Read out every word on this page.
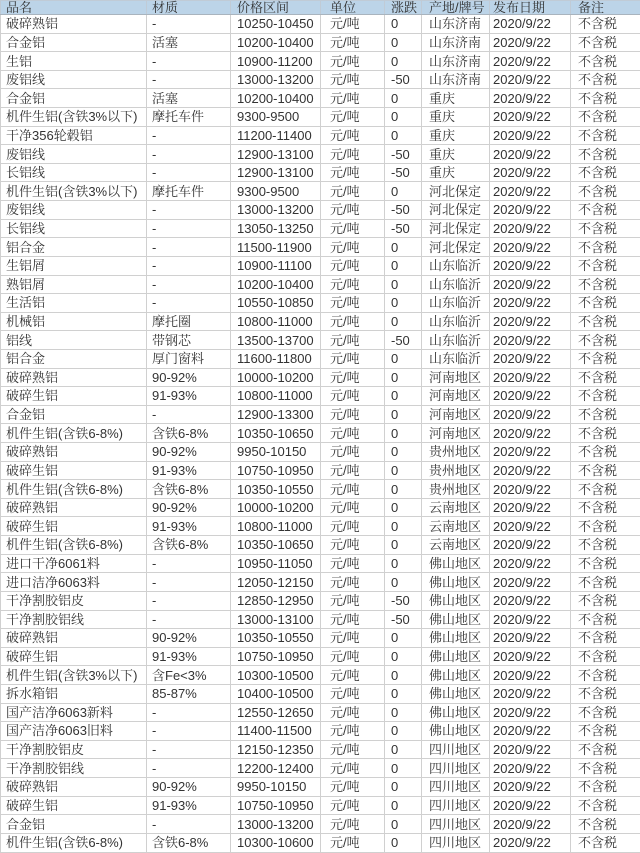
品名	材质	价格区间	单位	涨跌	产地/牌号	发布日期	备注
破碎熟铝	-	10250-10450	元/吨	0	山东济南	2020/9/22	不含税
合金铝	活塞	10200-10400	元/吨	0	山东济南	2020/9/22	不含税
生铝	-	10900-11200	元/吨	0	山东济南	2020/9/22	不含税
废铝线	-	13000-13200	元/吨	-50	山东济南	2020/9/22	不含税
合金铝	活塞	10200-10400	元/吨	0	重庆	2020/9/22	不含税
机件生铝(含铁3%以下)	摩托车件	9300-9500	元/吨	0	重庆	2020/9/22	不含税
干净356轮毂铝	-	11200-11400	元/吨	0	重庆	2020/9/22	不含税
废铝线	-	12900-13100	元/吨	-50	重庆	2020/9/22	不含税
长铝线	-	12900-13100	元/吨	-50	重庆	2020/9/22	不含税
机件生铝(含铁3%以下)	摩托车件	9300-9500	元/吨	0	河北保定	2020/9/22	不含税
废铝线	-	13000-13200	元/吨	-50	河北保定	2020/9/22	不含税
长铝线	-	13050-13250	元/吨	-50	河北保定	2020/9/22	不含税
铝合金	-	11500-11900	元/吨	0	河北保定	2020/9/22	不含税
生铝屑	-	10900-11100	元/吨	0	山东临沂	2020/9/22	不含税
熟铝屑	-	10200-10400	元/吨	0	山东临沂	2020/9/22	不含税
生活铝	-	10550-10850	元/吨	0	山东临沂	2020/9/22	不含税
机械铝	摩托圈	10800-11000	元/吨	0	山东临沂	2020/9/22	不含税
铝线	带钢芯	13500-13700	元/吨	-50	山东临沂	2020/9/22	不含税
铝合金	厚门窗料	11600-11800	元/吨	0	山东临沂	2020/9/22	不含税
破碎熟铝	90-92%	10000-10200	元/吨	0	河南地区	2020/9/22	不含税
破碎生铝	91-93%	10800-11000	元/吨	0	河南地区	2020/9/22	不含税
合金铝	-	12900-13300	元/吨	0	河南地区	2020/9/22	不含税
机件生铝(含铁6-8%)	含铁6-8%	10350-10650	元/吨	0	河南地区	2020/9/22	不含税
破碎熟铝	90-92%	9950-10150	元/吨	0	贵州地区	2020/9/22	不含税
破碎生铝	91-93%	10750-10950	元/吨	0	贵州地区	2020/9/22	不含税
机件生铝(含铁6-8%)	含铁6-8%	10350-10550	元/吨	0	贵州地区	2020/9/22	不含税
破碎熟铝	90-92%	10000-10200	元/吨	0	云南地区	2020/9/22	不含税
破碎生铝	91-93%	10800-11000	元/吨	0	云南地区	2020/9/22	不含税
机件生铝(含铁6-8%)	含铁6-8%	10350-10650	元/吨	0	云南地区	2020/9/22	不含税
进口干净6061料	-	10950-11050	元/吨	0	佛山地区	2020/9/22	不含税
进口洁净6063料	-	12050-12150	元/吨	0	佛山地区	2020/9/22	不含税
干净割胶铝皮	-	12850-12950	元/吨	-50	佛山地区	2020/9/22	不含税
干净割胶铝线	-	13000-13100	元/吨	-50	佛山地区	2020/9/22	不含税
破碎熟铝	90-92%	10350-10550	元/吨	0	佛山地区	2020/9/22	不含税
破碎生铝	91-93%	10750-10950	元/吨	0	佛山地区	2020/9/22	不含税
机件生铝(含铁3%以下)	含Fe<3%	10300-10500	元/吨	0	佛山地区	2020/9/22	不含税
拆水箱铝	85-87%	10400-10500	元/吨	0	佛山地区	2020/9/22	不含税
国产洁净6063新料	-	12550-12650	元/吨	0	佛山地区	2020/9/22	不含税
国产洁净6063旧料	-	11400-11500	元/吨	0	佛山地区	2020/9/22	不含税
干净割胶铝皮	-	12150-12350	元/吨	0	四川地区	2020/9/22	不含税
干净割胶铝线	-	12200-12400	元/吨	0	四川地区	2020/9/22	不含税
破碎熟铝	90-92%	9950-10150	元/吨	0	四川地区	2020/9/22	不含税
破碎生铝	91-93%	10750-10950	元/吨	0	四川地区	2020/9/22	不含税
合金铝	-	13000-13200	元/吨	0	四川地区	2020/9/22	不含税
机件生铝(含铁6-8%)	含铁6-8%	10300-10600	元/吨	0	四川地区	2020/9/22	不含税
